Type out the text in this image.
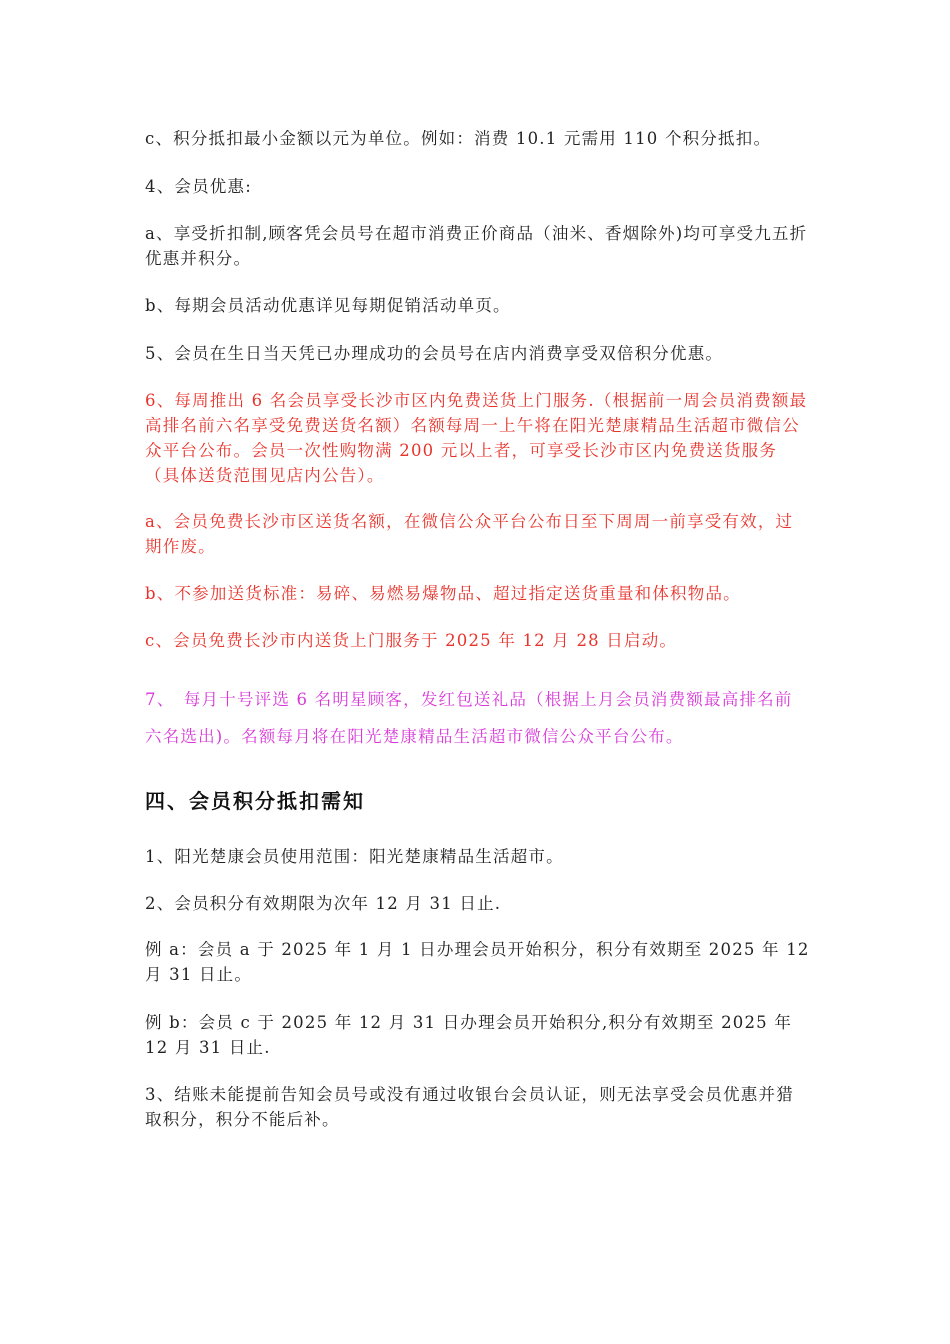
c、积分抵扣最小金额以元为单位。例如：消费 10.1 元需用 110 个积分抵扣。

4、会员优惠:

a、享受折扣制,顾客凭会员号在超市消费正价商品（油米、香烟除外)均可享受九五折优惠并积分。

b、每期会员活动优惠详见每期促销活动单页。

5、会员在生日当天凭已办理成功的会员号在店内消费享受双倍积分优惠。

6、每周推出 6 名会员享受长沙市区内免费送货上门服务.（根据前一周会员消费额最高排名前六名享受免费送货名额）名额每周一上午将在阳光楚康精品生活超市微信公众平台公布。会员一次性购物满 200 元以上者，可享受长沙市区内免费送货服务（具体送货范围见店内公告）。

a、会员免费长沙市区送货名额，在微信公众平台公布日至下周周一前享受有效，过期作废。

b、不参加送货标准：易碎、易燃易爆物品、超过指定送货重量和体积物品。

c、会员免费长沙市内送货上门服务于 2025 年 12 月 28 日启动。

7、　每月十号评选 6 名明星顾客，发红包送礼品（根据上月会员消费额最高排名前六名选出)。名额每月将在阳光楚康精品生活超市微信公众平台公布。

四、会员积分抵扣需知

1、阳光楚康会员使用范围：阳光楚康精品生活超市。

2、会员积分有效期限为次年 12 月 31 日止.

例 a：会员 a 于 2025 年 1 月 1 日办理会员开始积分，积分有效期至 2025 年 12 月 31 日止。

例 b：会员 c 于 2025 年 12 月 31 日办理会员开始积分,积分有效期至 2025 年 12 月 31 日止.

3、结账未能提前告知会员号或没有通过收银台会员认证，则无法享受会员优惠并猎取积分，积分不能后补。
